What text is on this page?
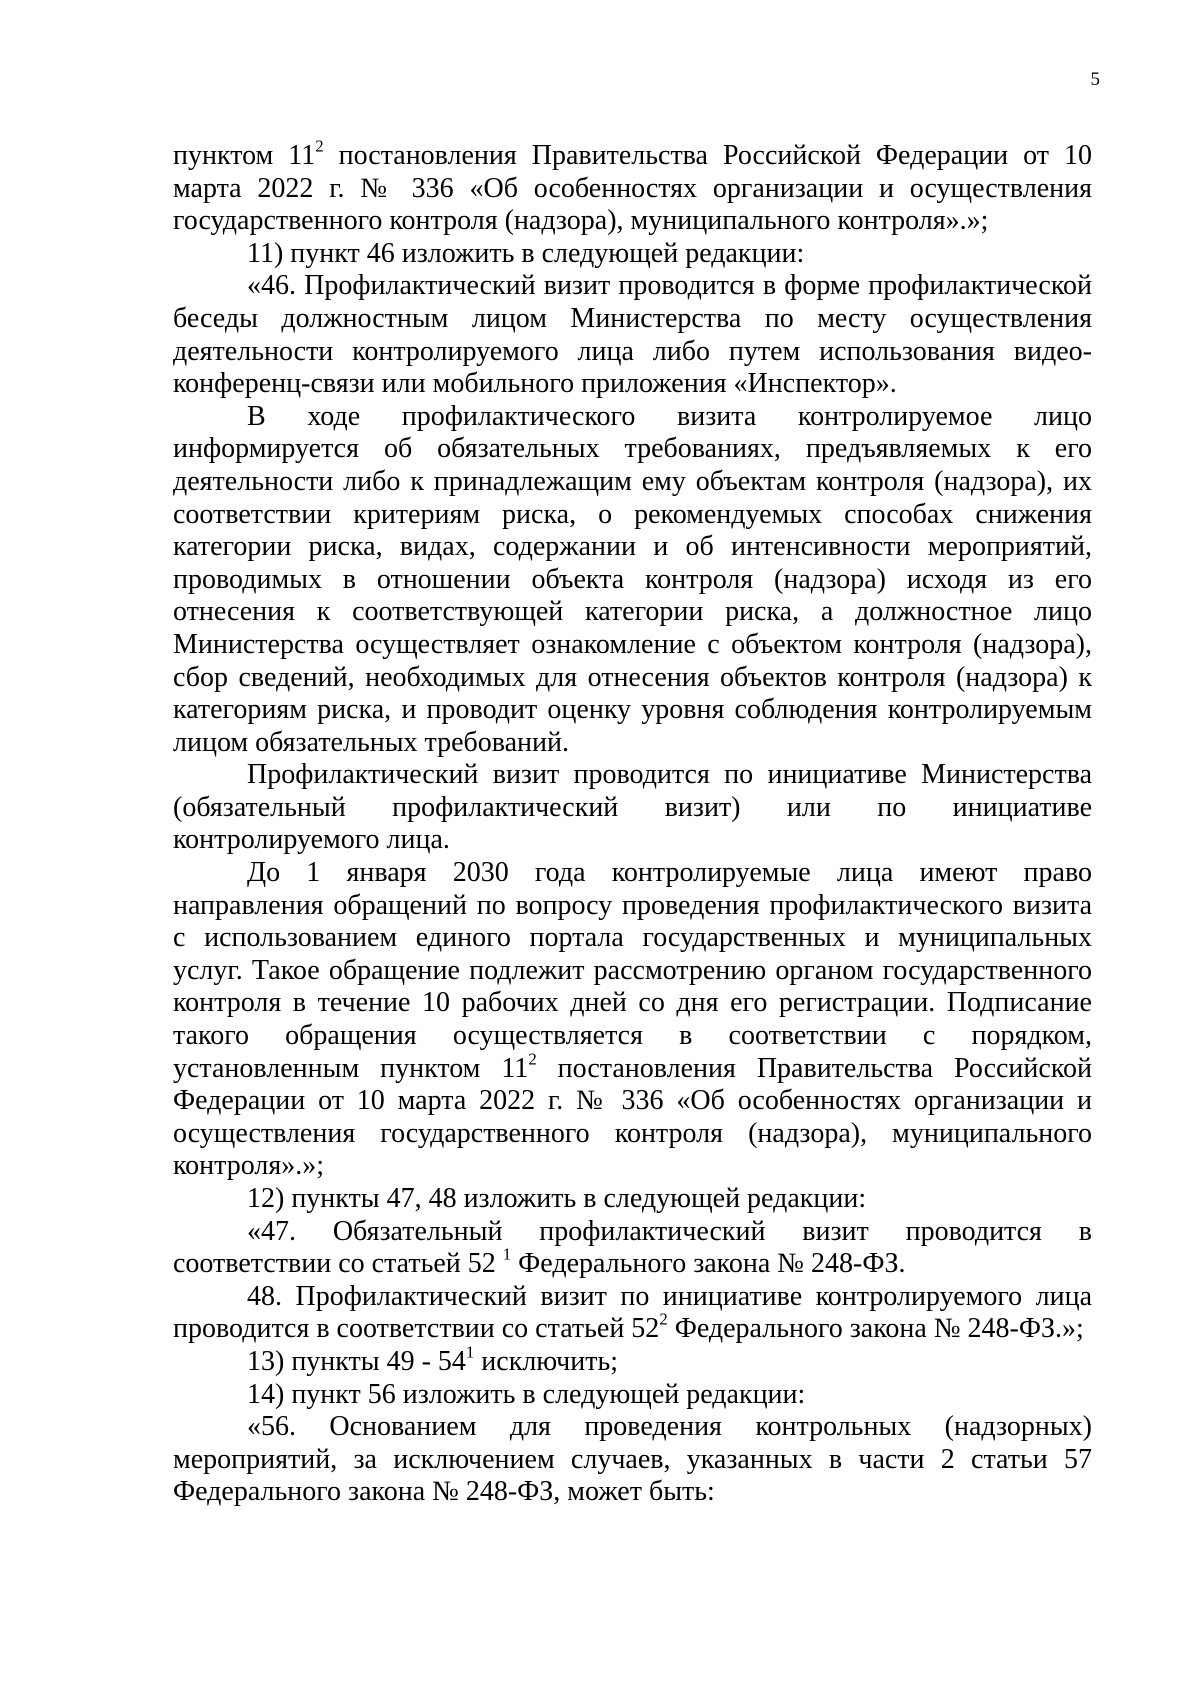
5

пунктом $11^2$ постановления Правительства Российской Федерации от 10 марта 2022 г. № 336 «Об особенностях организации и осуществления государственного контроля (надзора), муниципального контроля».»;

11) пункт 46 изложить в следующей редакции:

«46. Профилактический визит проводится в форме профилактической беседы должностным лицом Министерства по месту осуществления деятельности контролируемого лица либо путем использования видео-конференц-связи или мобильного приложения «Инспектор».

В ходе профилактического визита контролируемое лицо информируется об обязательных требованиях, предъявляемых к его деятельности либо к принадлежащим ему объектам контроля (надзора), их соответствии критериям риска, о рекомендуемых способах снижения категории риска, видах, содержании и об интенсивности мероприятий, проводимых в отношении объекта контроля (надзора) исходя из его отнесения к соответствующей категории риска, а должностное лицо Министерства осуществляет ознакомление с объектом контроля (надзора), сбор сведений, необходимых для отнесения объектов контроля (надзора) к категориям риска, и проводит оценку уровня соблюдения контролируемым лицом обязательных требований.

Профилактический визит проводится по инициативе Министерства (обязательный профилактический визит) или по инициативе контролируемого лица.

До 1 января 2030 года контролируемые лица имеют право направления обращений по вопросу проведения профилактического визита с использованием единого портала государственных и муниципальных услуг. Такое обращение подлежит рассмотрению органом государственного контроля в течение 10 рабочих дней со дня его регистрации. Подписание такого обращения осуществляется в соответствии с порядком, установленным пунктом $11^2$ постановления Правительства Российской Федерации от 10 марта 2022 г. № 336 «Об особенностях организации и осуществления государственного контроля (надзора), муниципального контроля».»;

12) пункты 47, 48 изложить в следующей редакции:

«47. Обязательный профилактический визит проводится в соответствии со статьей 52 $^1$ Федерального закона № 248-ФЗ.

48. Профилактический визит по инициативе контролируемого лица проводится в соответствии со статьей $52^2$ Федерального закона № 248-ФЗ.»;

13) пункты $49 - 54^1$ исключить;

14) пункт 56 изложить в следующей редакции:

«56. Основанием для проведения контрольных (надзорных) мероприятий, за исключением случаев, указанных в части 2 статьи 57 Федерального закона № 248-ФЗ, может быть:
